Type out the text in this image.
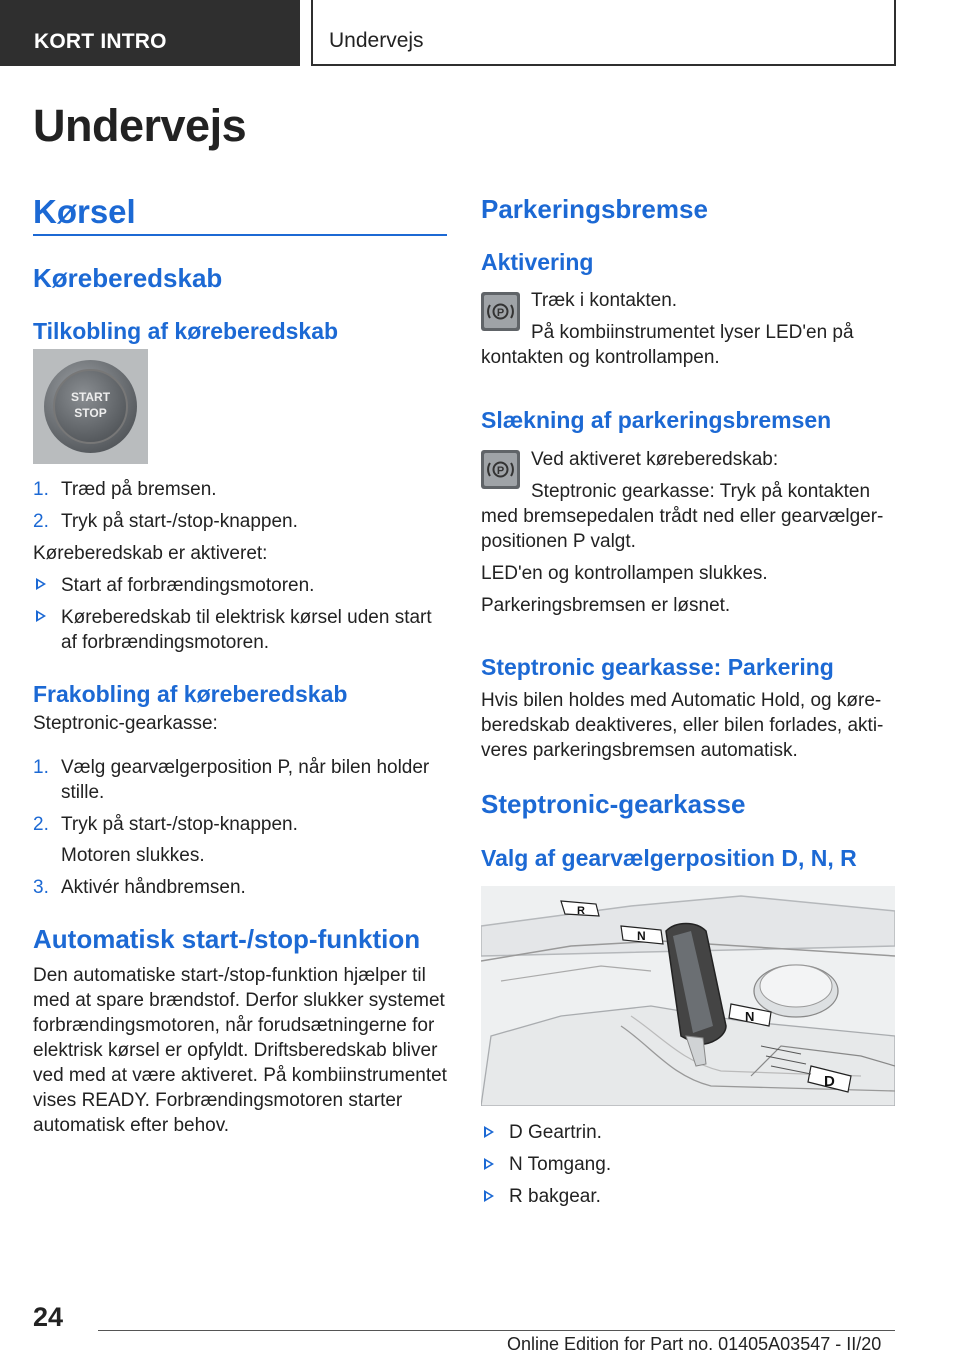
KORT INTRO	Undervejs
Undervejs
Kørsel
Køreberedskab
Tilkobling af køreberedskab
START
STOP
1. Træd på bremsen.
2. Tryk på start-/stop-knappen.
Køreberedskab er aktiveret:
Start af forbrændingsmotoren.
Køreberedskab til elektrisk kørsel uden start
af forbrændingsmotoren.
Frakobling af køreberedskab
Steptronic-gearkasse:
1. Vælg gearvælgerposition P, når bilen holder
stille.
2. Tryk på start-/stop-knappen.
Motoren slukkes.
3. Aktivér håndbremsen.
Automatisk start-/stop-funktion
Den automatiske start-/stop-funktion hjælper til
med at spare brændstof. Derfor slukker systemet
forbrændingsmotoren, når forudsætningerne for
elektrisk kørsel er opfyldt. Driftsberedskab bliver
ved med at være aktiveret. På kombiinstrumentet
vises READY. Forbrændingsmotoren starter
automatisk efter behov.
Parkeringsbremse
Aktivering
P
Træk i kontakten.
På kombiinstrumentet lyser LED'en på
kontakten og kontrollampen.
Slækning af parkeringsbremsen
P
Ved aktiveret køreberedskab:
Steptronic gearkasse: Tryk på kontakten
med bremsepedalen trådt ned eller gearvælger-
positionen P valgt.
LED'en og kontrollampen slukkes.
Parkeringsbremsen er løsnet.
Steptronic gearkasse: Parkering
Hvis bilen holdes med Automatic Hold, og køre-
beredskab deaktiveres, eller bilen forlades, akti-
veres parkeringsbremsen automatisk.
Steptronic-gearkasse
Valg af gearvælgerposition D, N, R
R
N
N
D
D Geartrin.
N Tomgang.
R bakgear.
24
Online Edition for Part no. 01405A03547 - II/20
